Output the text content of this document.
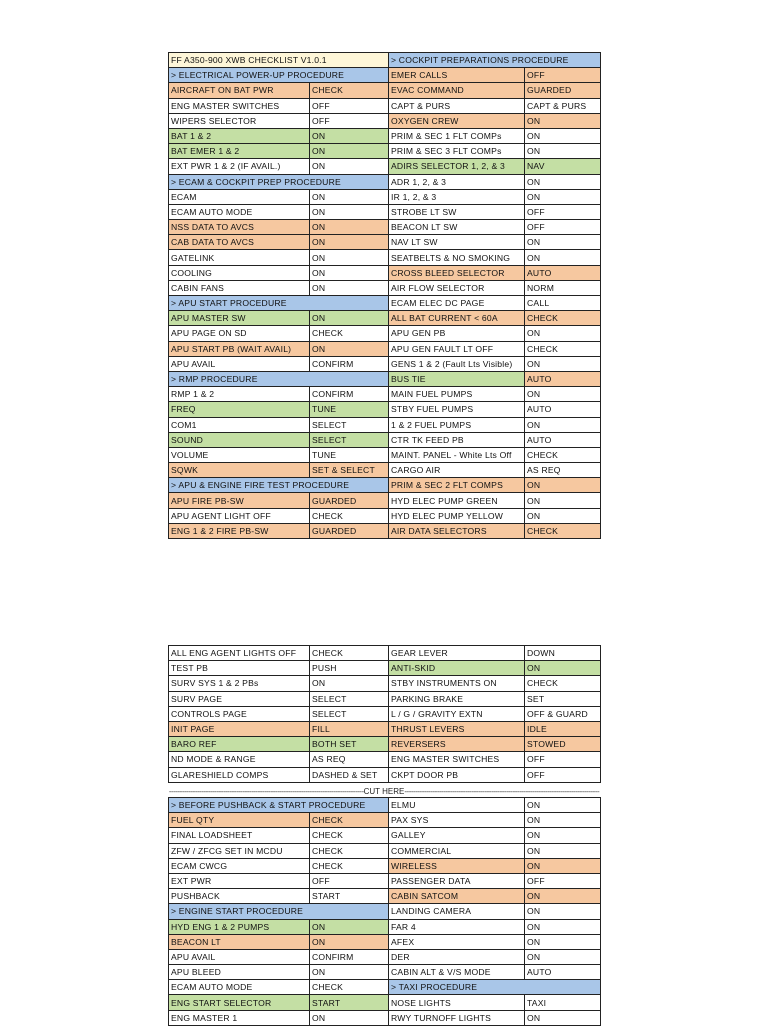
FF A350-900 XWB CHECKLIST V1.0.1		> COCKPIT PREPARATIONS PROCEDURE	
> ELECTRICAL POWER-UP PROCEDURE		EMER CALLS	OFF
AIRCRAFT ON BAT PWR	CHECK	EVAC COMMAND	GUARDED
ENG MASTER SWITCHES	OFF	CAPT & PURS	CAPT & PURS
WIPERS SELECTOR	OFF	OXYGEN CREW	ON
BAT 1 & 2	ON	PRIM & SEC 1 FLT COMPs	ON
BAT EMER 1 & 2	ON	PRIM & SEC 3 FLT COMPs	ON
EXT PWR 1 & 2 (IF AVAIL.)	ON	ADIRS SELECTOR 1, 2, & 3	NAV
> ECAM & COCKPIT PREP PROCEDURE		ADR 1, 2, & 3	ON
ECAM	ON	IR 1, 2, & 3	ON
ECAM AUTO MODE	ON	STROBE LT SW	OFF
NSS DATA TO AVCS	ON	BEACON LT SW	OFF
CAB DATA TO AVCS	ON	NAV LT SW	ON
GATELINK	ON	SEATBELTS & NO SMOKING	ON
COOLING	ON	CROSS BLEED SELECTOR	AUTO
CABIN FANS	ON	AIR FLOW SELECTOR	NORM
> APU START PROCEDURE		ECAM ELEC DC PAGE	CALL
APU MASTER SW	ON	ALL BAT CURRENT < 60A	CHECK
APU PAGE ON SD	CHECK	APU GEN PB	ON
APU START PB (WAIT AVAIL)	ON	APU GEN FAULT LT OFF	CHECK
APU AVAIL	CONFIRM	GENS 1 & 2 (Fault Lts Visible)	ON
> RMP PROCEDURE		BUS TIE	AUTO
RMP 1 & 2	CONFIRM	MAIN FUEL PUMPS	ON
FREQ	TUNE	STBY FUEL PUMPS	AUTO
COM1	SELECT	1 & 2 FUEL PUMPS	ON
SOUND	SELECT	CTR TK FEED PB	AUTO
VOLUME	TUNE	MAINT. PANEL - White Lts Off	CHECK
SQWK	SET & SELECT	CARGO AIR	AS REQ
> APU & ENGINE FIRE TEST PROCEDURE		PRIM & SEC 2 FLT COMPS	ON
APU FIRE PB-SW	GUARDED	HYD ELEC PUMP GREEN	ON
APU AGENT LIGHT OFF	CHECK	HYD ELEC PUMP YELLOW	ON
ENG 1 & 2 FIRE PB-SW	GUARDED	AIR DATA SELECTORS	CHECK
ALL ENG AGENT LIGHTS OFF	CHECK	GEAR LEVER	DOWN
TEST PB	PUSH	ANTI-SKID	ON
SURV SYS 1 & 2 PBs	ON	STBY INSTRUMENTS ON	CHECK
SURV PAGE	SELECT	PARKING BRAKE	SET
CONTROLS PAGE	SELECT	L / G / GRAVITY EXTN	OFF & GUARD
INIT PAGE	FILL	THRUST LEVERS	IDLE
BARO REF	BOTH SET	REVERSERS	STOWED
ND MODE & RANGE	AS REQ	ENG MASTER SWITCHES	OFF
GLARESHIELD COMPS	DASHED & SET	CKPT DOOR PB	OFF
------------------------------------------------------------------------------------------CUT HERE------------------------------------------------------------------------------------------
> BEFORE PUSHBACK & START PROCEDURE		ELMU	ON
FUEL QTY	CHECK	PAX SYS	ON
FINAL LOADSHEET	CHECK	GALLEY	ON
ZFW / ZFCG SET IN MCDU	CHECK	COMMERCIAL	ON
ECAM CWCG	CHECK	WIRELESS	ON
EXT PWR	OFF	PASSENGER DATA	OFF
PUSHBACK	START	CABIN SATCOM	ON
> ENGINE START PROCEDURE		LANDING CAMERA	ON
HYD ENG 1 & 2 PUMPS	ON	FAR 4	ON
BEACON LT	ON	AFEX	ON
APU AVAIL	CONFIRM	DER	ON
APU BLEED	ON	CABIN ALT & V/S MODE	AUTO
ECAM AUTO MODE	CHECK	> TAXI PROCEDURE	
ENG START SELECTOR	START	NOSE LIGHTS	TAXI
ENG MASTER 1	ON	RWY TURNOFF LIGHTS	ON
